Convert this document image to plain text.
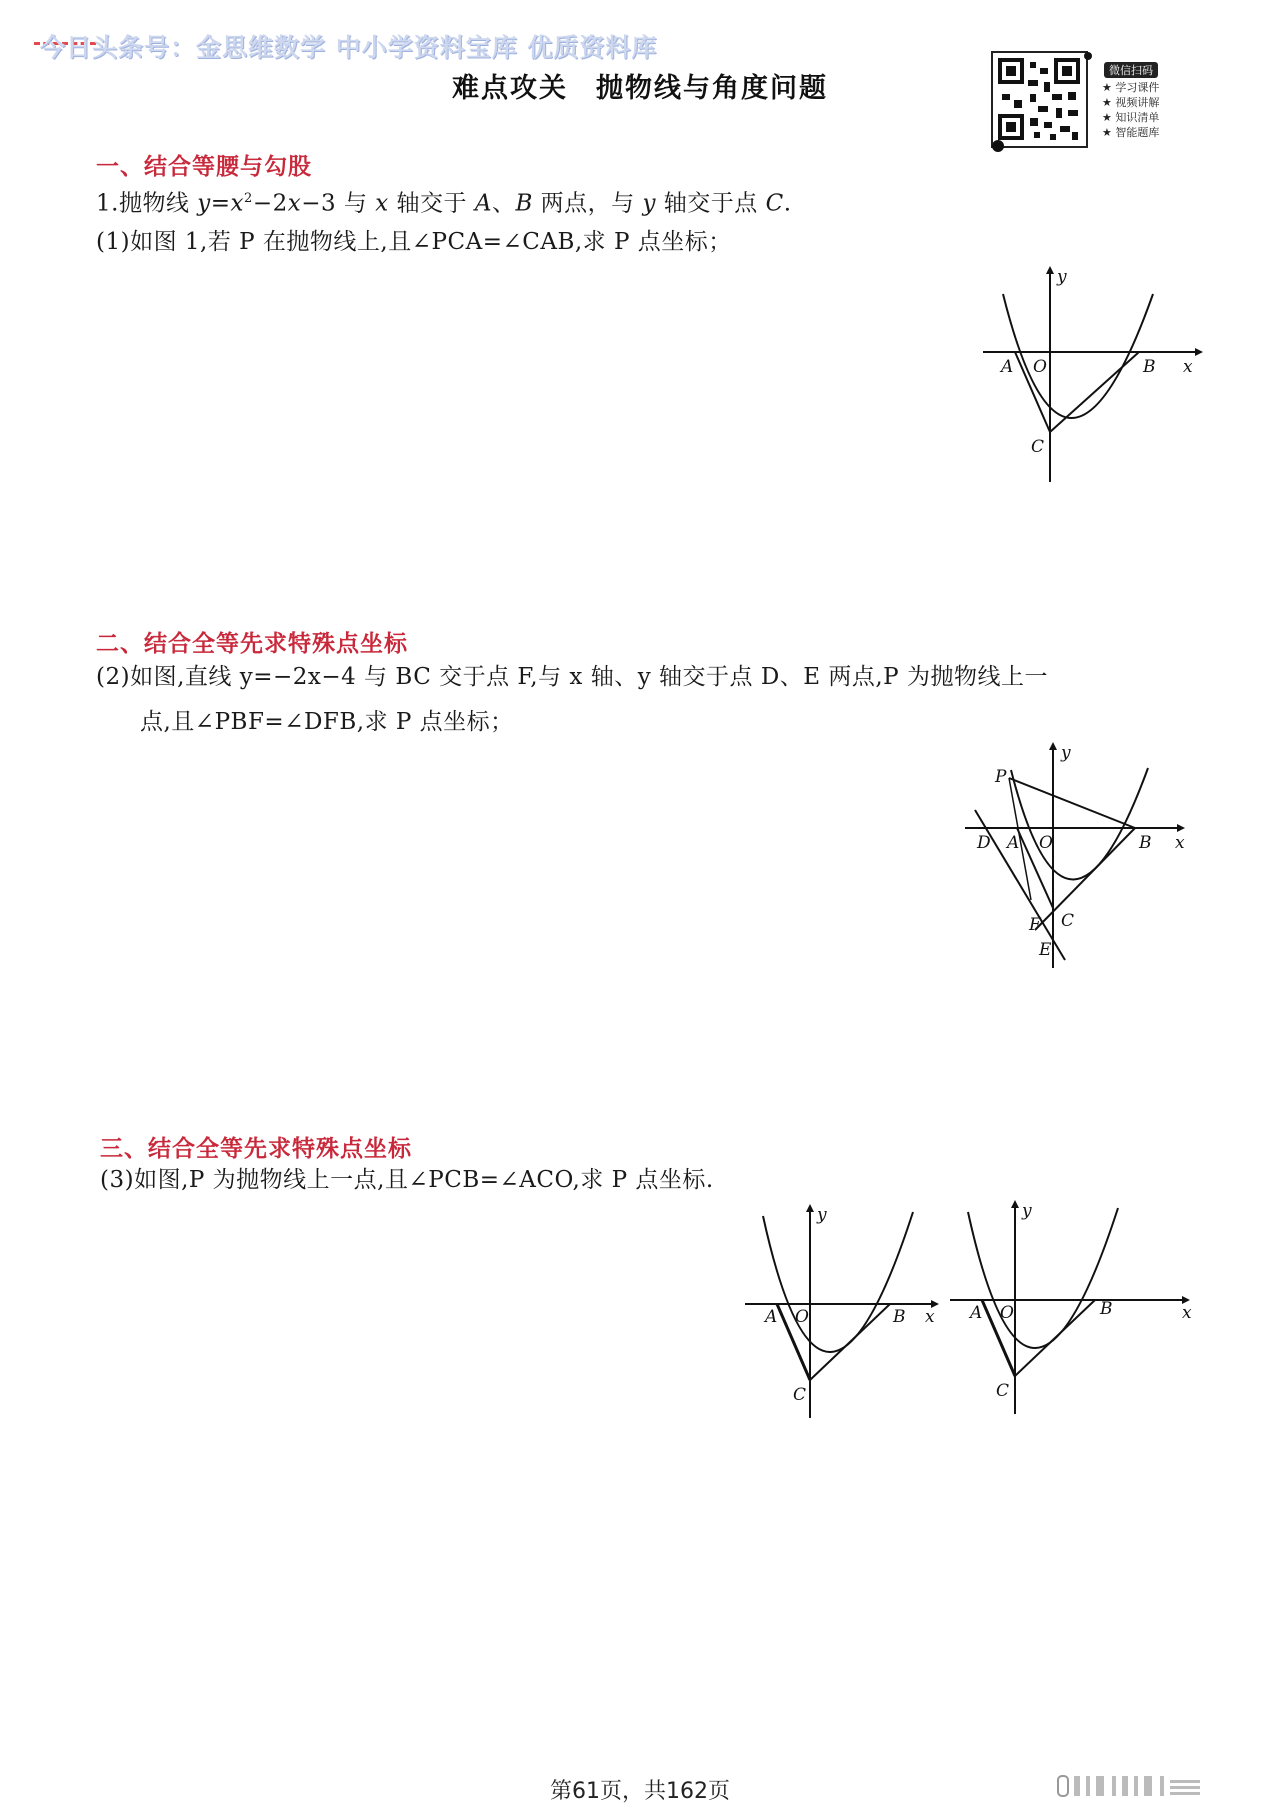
今日头条号：金思维数学 中小学资料宝库 优质资料库
难点攻关 抛物线与角度问题
微信扫码
★ 学习课件
★ 视频讲解
★ 知识清单
★ 智能题库
一、结合等腰与勾股
1.抛物线 $y=x^2-2x-3$ 与 x 轴交于 A、B 两点，与 y 轴交于点 C.
(1)如图 1,若 P 在抛物线上,且∠PCA=∠CAB,求 P 点坐标；
A O	B x
y
C
二、结合全等先求特殊点坐标
(2)如图,直线 y=−2x−4 与 BC 交于点 F,与 x 轴、y 轴交于点 D、E 两点,P 为抛物线上一
点,且∠PBF=∠DFB,求 P 点坐标；
P
D A O	B x
y
F C
E
三、结合全等先求特殊点坐标
(3)如图,P 为抛物线上一点,且∠PCB=∠ACO,求 P 点坐标.
A O	B x
y
C
A O	B	x
y
C
第61页，共162页
